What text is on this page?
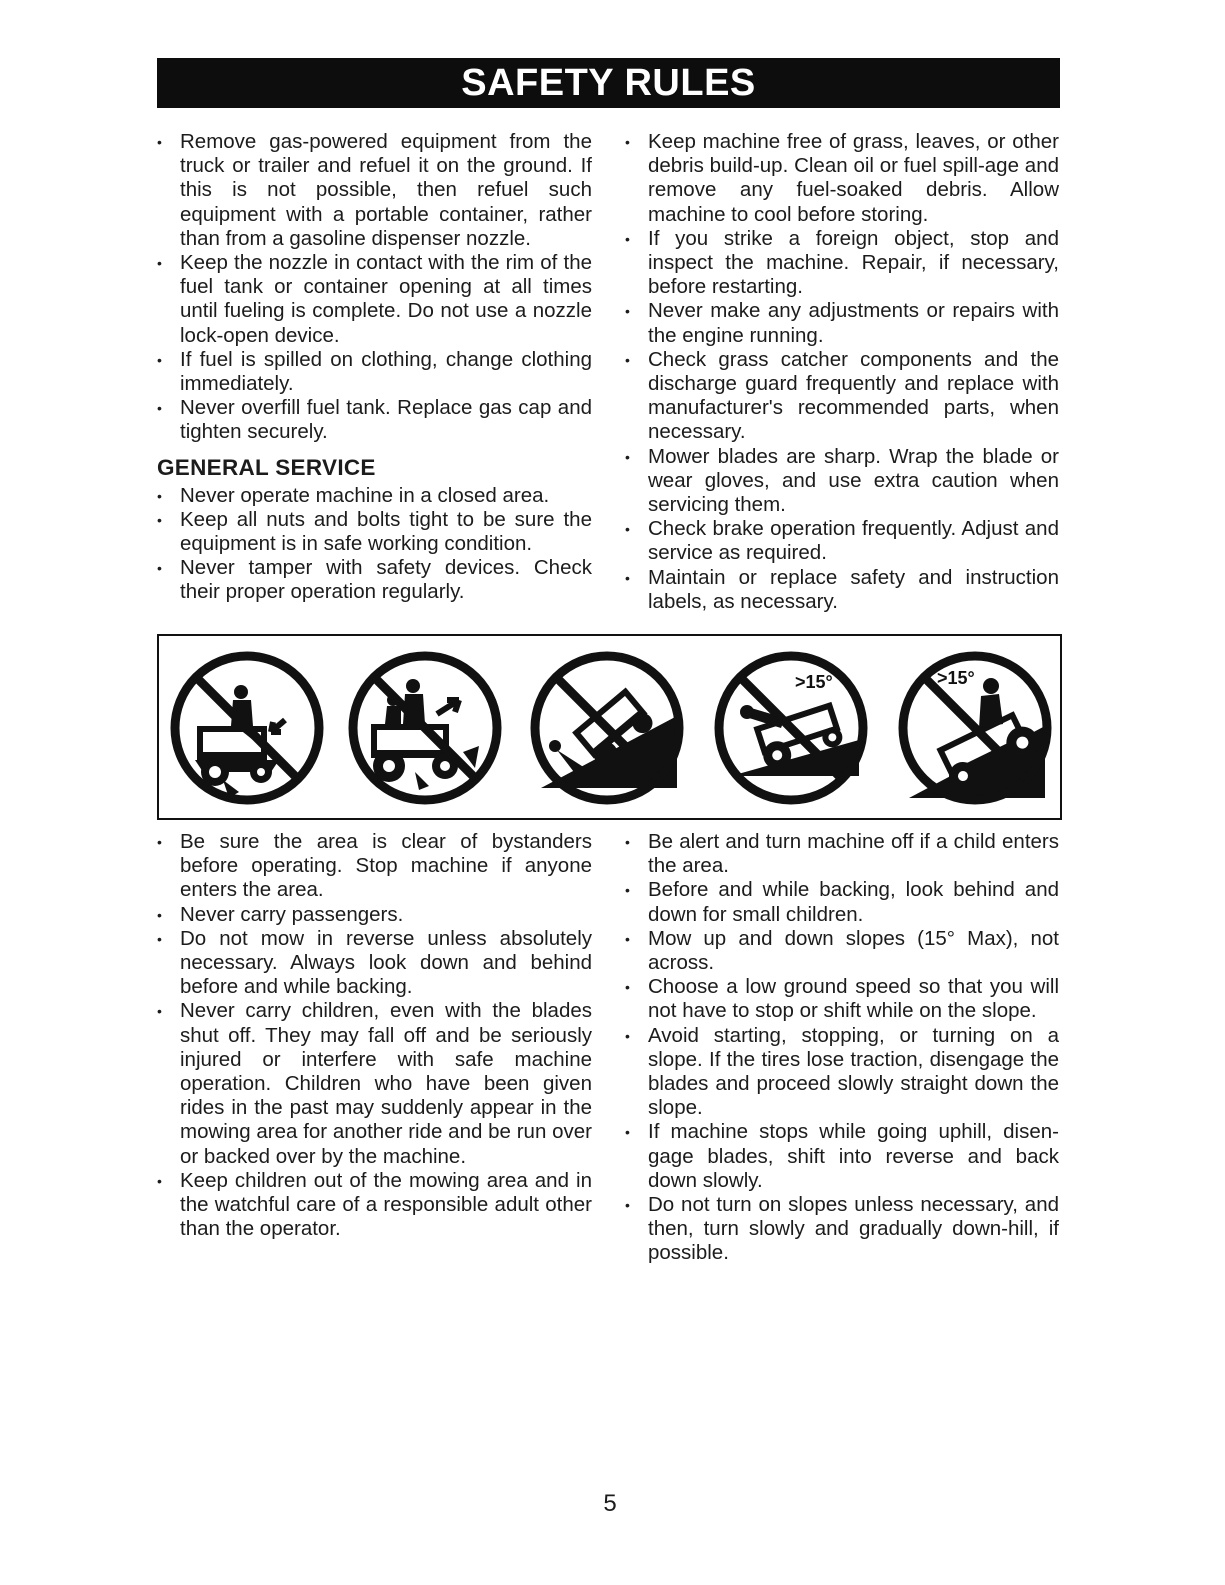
SAFETY RULES
• Remove gas-powered equipment from the truck or trailer and refuel it on the ground. If this is not possible, then refuel such equipment with a portable container, rather than from a gasoline dispenser nozzle.
• Keep the nozzle in contact with the rim of the fuel tank or container opening at all times until fueling is complete. Do not use a nozzle lock-open device.
• If fuel is spilled on clothing, change clothing immediately.
• Never overfill fuel tank. Replace gas cap and tighten securely.
GENERAL SERVICE
• Never operate machine in a closed area.
• Keep all nuts and bolts tight to be sure the equipment is in safe working condition.
• Never tamper with safety devices. Check their proper operation regularly.
• Keep machine free of grass, leaves, or other debris build-up. Clean oil or fuel spill-age and remove any fuel-soaked debris. Allow machine to cool before storing.
• If you strike a foreign object, stop and inspect the machine. Repair, if necessary, before restarting.
• Never make any adjustments or repairs with the engine running.
• Check grass catcher components and the discharge guard frequently and replace with manufacturer's recommended parts, when necessary.
• Mower blades are sharp. Wrap the blade or wear gloves, and use extra caution when servicing them.
• Check brake operation frequently. Adjust and service as required.
• Maintain or replace safety and instruction labels, as necessary.
>15°	>15°
• Be sure the area is clear of bystanders before operating. Stop machine if anyone enters the area.
• Never carry passengers.
• Do not mow in reverse unless absolutely necessary. Always look down and behind before and while backing.
• Never carry children, even with the blades shut off. They may fall off and be seriously injured or interfere with safe machine operation. Children who have been given rides in the past may suddenly appear in the mowing area for another ride and be run over or backed over by the machine.
• Keep children out of the mowing area and in the watchful care of a responsible adult other than the operator.
• Be alert and turn machine off if a child enters the area.
• Before and while backing, look behind and down for small children.
• Mow up and down slopes (15° Max), not across.
• Choose a low ground speed so that you will not have to stop or shift while on the slope.
• Avoid starting, stopping, or turning on a slope. If the tires lose traction, disengage the blades and proceed slowly straight down the slope.
• If machine stops while going uphill, disen-gage blades, shift into reverse and back down slowly.
• Do not turn on slopes unless necessary, and then, turn slowly and gradually down-hill, if possible.
5
